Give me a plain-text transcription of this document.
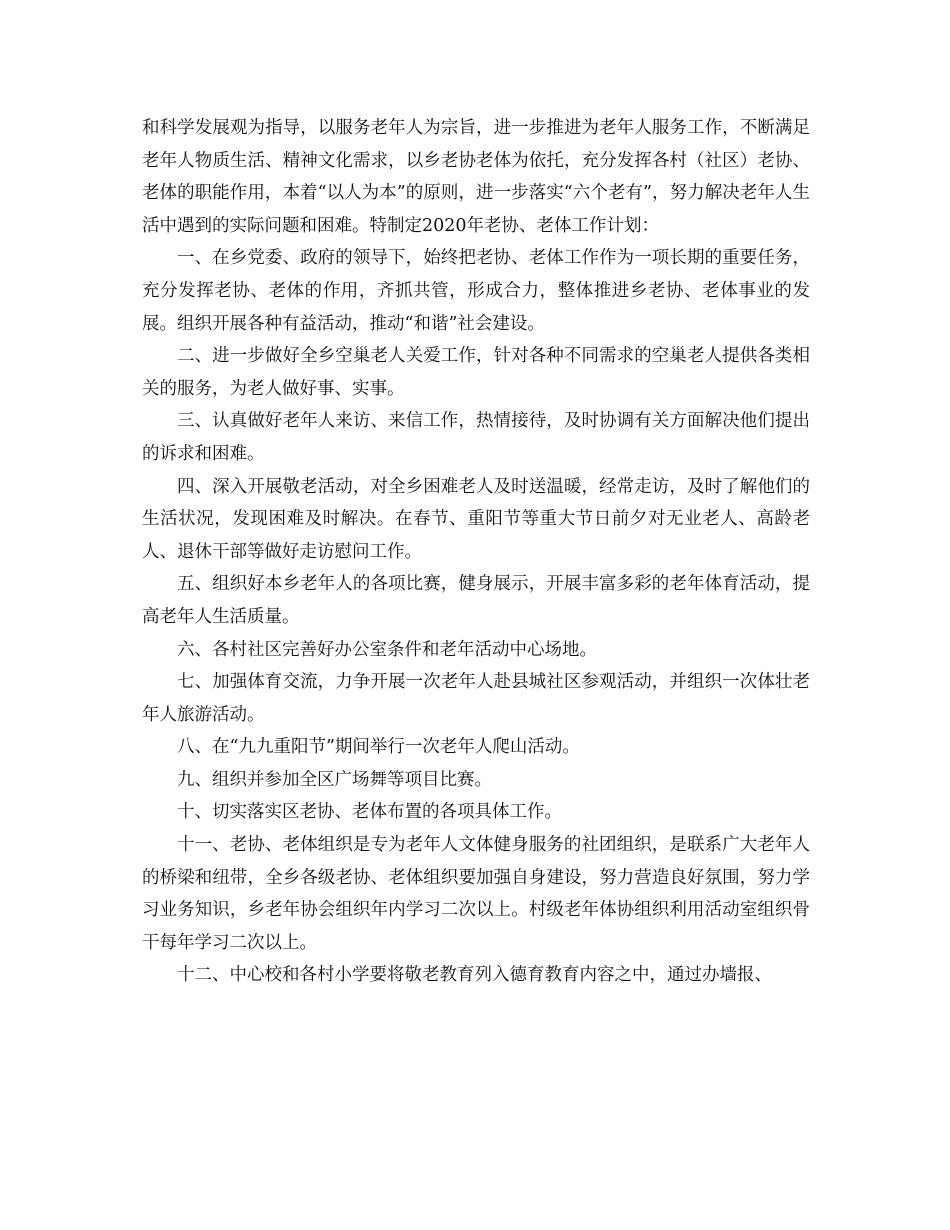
和科学发展观为指导，以服务老年人为宗旨，进一步推进为老年人服务工作，不断满足老年人物质生活、精神文化需求，以乡老协老体为依托，充分发挥各村（社区）老协、老体的职能作用，本着“以人为本”的原则，进一步落实“六个老有”，努力解决老年人生活中遇到的实际问题和困难。特制定2020年老协、老体工作计划：

一、在乡党委、政府的领导下，始终把老协、老体工作作为一项长期的重要任务，充分发挥老协、老体的作用，齐抓共管，形成合力，整体推进乡老协、老体事业的发展。组织开展各种有益活动，推动“和谐”社会建设。

二、进一步做好全乡空巢老人关爱工作，针对各种不同需求的空巢老人提供各类相关的服务，为老人做好事、实事。

三、认真做好老年人来访、来信工作，热情接待，及时协调有关方面解决他们提出的诉求和困难。

四、深入开展敬老活动，对全乡困难老人及时送温暖，经常走访，及时了解他们的生活状况，发现困难及时解决。在春节、重阳节等重大节日前夕对无业老人、高龄老人、退休干部等做好走访慰问工作。

五、组织好本乡老年人的各项比赛，健身展示，开展丰富多彩的老年体育活动，提高老年人生活质量。

六、各村社区完善好办公室条件和老年活动中心场地。

七、加强体育交流，力争开展一次老年人赴县城社区参观活动，并组织一次体壮老年人旅游活动。

八、在“九九重阳节”期间举行一次老年人爬山活动。

九、组织并参加全区广场舞等项目比赛。

十、切实落实区老协、老体布置的各项具体工作。

十一、老协、老体组织是专为老年人文体健身服务的社团组织，是联系广大老年人的桥梁和纽带，全乡各级老协、老体组织要加强自身建设，努力营造良好氛围，努力学习业务知识，乡老年协会组织年内学习二次以上。村级老年体协组织利用活动室组织骨干每年学习二次以上。

十二、中心校和各村小学要将敬老教育列入德育教育内容之中，通过办墙报、
